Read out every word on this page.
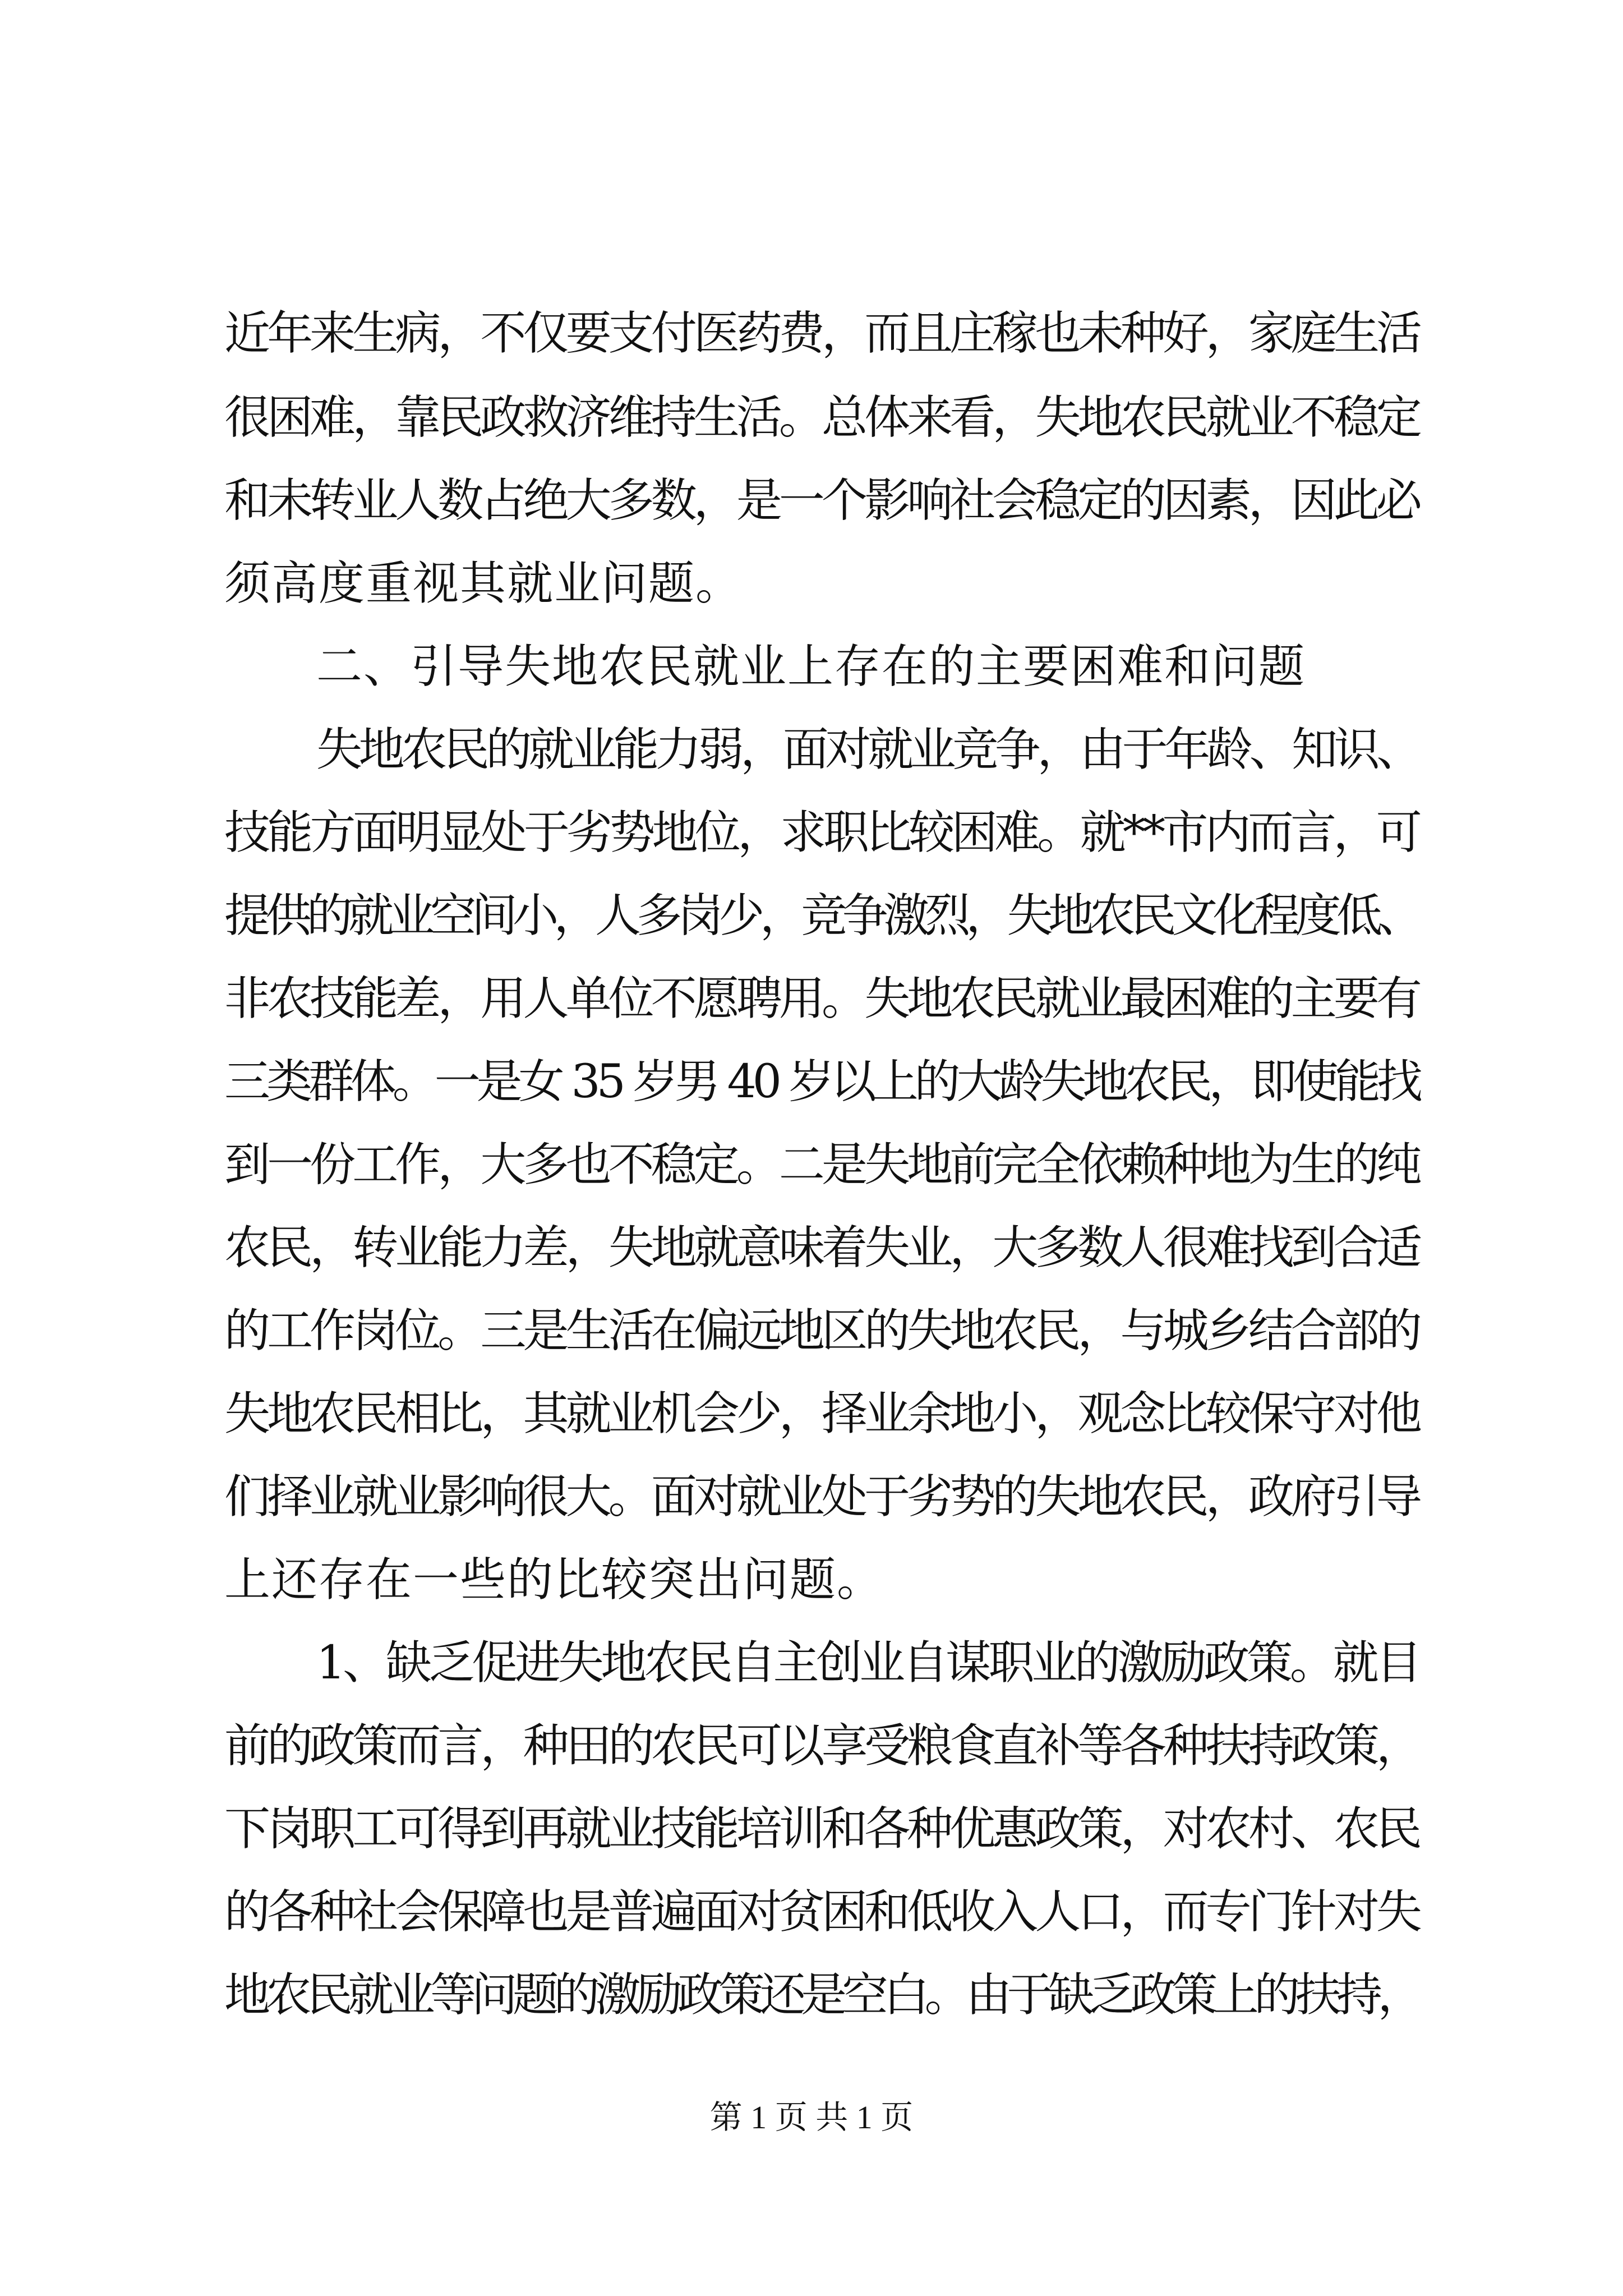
近年来生病，不仅要支付医药费，而且庄稼也未种好，家庭生活
很困难，靠民政救济维持生活。总体来看，失地农民就业不稳定
和未转业人数占绝大多数，是一个影响社会稳定的因素，因此必
须高度重视其就业问题。
二、引导失地农民就业上存在的主要困难和问题
失地农民的就业能力弱，面对就业竞争，由于年龄、知识、
技能方面明显处于劣势地位，求职比较困难。就**市内而言，可
提供的就业空间小，人多岗少，竞争激烈，失地农民文化程度低、
非农技能差，用人单位不愿聘用。失地农民就业最困难的主要有
三类群体。一是女 35 岁男 40 岁以上的大龄失地农民，即使能找
到一份工作，大多也不稳定。二是失地前完全依赖种地为生的纯
农民，转业能力差，失地就意味着失业，大多数人很难找到合适
的工作岗位。三是生活在偏远地区的失地农民，与城乡结合部的
失地农民相比，其就业机会少，择业余地小，观念比较保守对他
们择业就业影响很大。面对就业处于劣势的失地农民，政府引导
上还存在一些的比较突出问题。
1、缺乏促进失地农民自主创业自谋职业的激励政策。就目
前的政策而言，种田的农民可以享受粮食直补等各种扶持政策，
下岗职工可得到再就业技能培训和各种优惠政策，对农村、农民
的各种社会保障也是普遍面对贫困和低收入人口，而专门针对失
地农民就业等问题的激励政策还是空白。由于缺乏政策上的扶持，
第 1 页 共 1 页
